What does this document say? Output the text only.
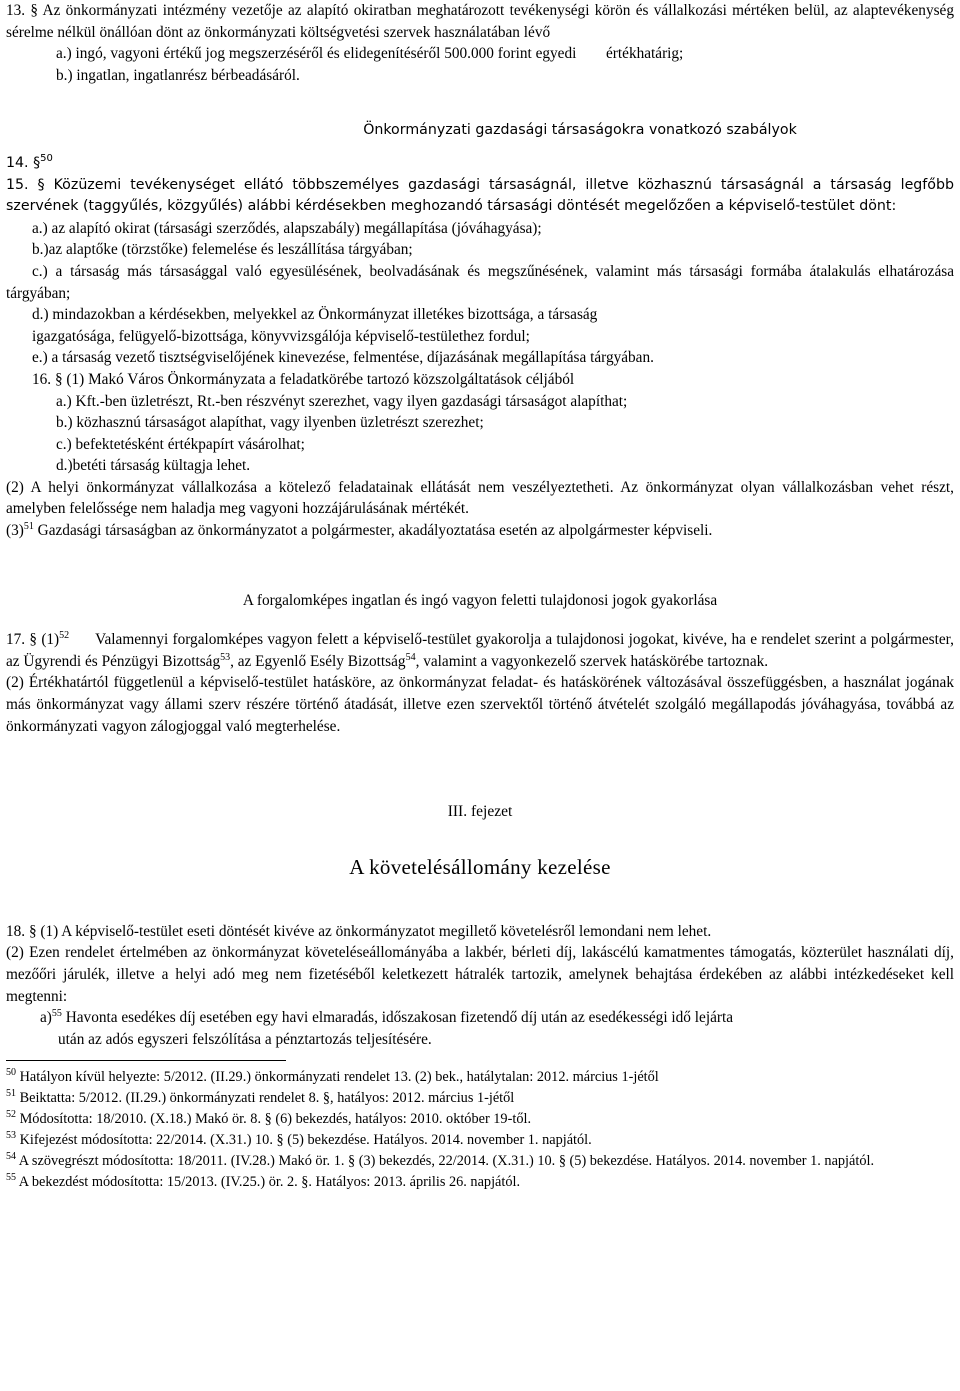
13. § Az önkormányzati intézmény vezetője az alapító okiratban meghatározott tevékenységi körön és vállalkozási mértéken belül, az alaptevékenység sérelme nélkül önállóan dönt az önkormányzati költségvetési szervek használatában lévő

a.) ingó, vagyoni értékű jog megszerzéséről és elidegenítéséről 500.000 forint egyedi értékhatárig;

b.) ingatlan, ingatlanrész bérbeadásáról.

Önkormányzati gazdasági társaságokra vonatkozó szabályok

14. §$^{50}$

15. § Közüzemi tevékenységet ellátó többszemélyes gazdasági társaságnál, illetve közhasznú társaságnál a társaság legfőbb szervének (taggyűlés, közgyűlés) alábbi kérdésekben meghozandó társasági döntését megelőzően a képviselő-testület dönt:

a.) az alapító okirat (társasági szerződés, alapszabály) megállapítása (jóváhagyása);

b.)az alaptőke (törzstőke) felemelése és leszállítása tárgyában;

c.) a társaság más társasággal való egyesülésének, beolvadásának és megszűnésének, valamint más társasági formába átalakulás elhatározása tárgyában;

d.) mindazokban a kérdésekben, melyekkel az Önkormányzat illetékes bizottsága, a társaság

igazgatósága, felügyelő-bizottsága, könyvvizsgálója képviselő-testülethez fordul;

e.) a társaság vezető tisztségviselőjének kinevezése, felmentése, díjazásának megállapítása tárgyában.

16. § (1) Makó Város Önkormányzata a feladatkörébe tartozó közszolgáltatások céljából

a.) Kft.-ben üzletrészt, Rt.-ben részvényt szerezhet, vagy ilyen gazdasági társaságot alapíthat;

b.) közhasznú társaságot alapíthat, vagy ilyenben üzletrészt szerezhet;

c.) befektetésként értékpapírt vásárolhat;

d.)betéti társaság kültagja lehet.

(2) A helyi önkormányzat vállalkozása a kötelező feladatainak ellátását nem veszélyeztetheti. Az önkormányzat olyan vállalkozásban vehet részt, amelyben felelőssége nem haladja meg vagyoni hozzájárulásának mértékét.

$(3)^{51}$ Gazdasági társaságban az önkormányzatot a polgármester, akadályoztatása esetén az alpolgármester képviseli.

A forgalomképes ingatlan és ingó vagyon feletti tulajdonosi jogok gyakorlása

17. § $(1)^{52}$ Valamennyi forgalomképes vagyon felett a képviselő-testület gyakorolja a tulajdonosi jogokat, kivéve, ha e rendelet szerint a polgármester, az Ügyrendi és Pénzügyi Bizottság$^{53}$, az Egyenlő Esély Bizottság$^{54}$, valamint a vagyonkezelő szervek hatáskörébe tartoznak.

(2) Értékhatártól függetlenül a képviselő-testület hatásköre, az önkormányzat feladat- és hatáskörének változásával összefüggésben, a használat jogának más önkormányzat vagy állami szerv részére történő átadását, illetve ezen szervektől történő átvételét szolgáló megállapodás jóváhagyása, továbbá az önkormányzati vagyon zálogjoggal való megterhelése.

III. fejezet

A követelésállomány kezelése

18. § (1) A képviselő-testület eseti döntését kivéve az önkormányzatot megillető követelésről lemondani nem lehet.

(2) Ezen rendelet értelmében az önkormányzat követeléseállományába a lakbér, bérleti díj, lakáscélú kamatmentes támogatás, közterület használati díj, mezőőri járulék, illetve a helyi adó meg nem fizetéséből keletkezett hátralék tartozik, amelynek behajtása érdekében az alábbi intézkedéseket kell megtenni:

a)$^{55}$ Havonta esedékes díj esetében egy havi elmaradás, időszakosan fizetendő díj után az esedékességi idő lejárta

után az adós egyszeri felszólítása a pénztartozás teljesítésére.

$^{50}$ Hatályon kívül helyezte: 5/2012. (II.29.) önkormányzati rendelet 13. (2) bek., hatálytalan: 2012. március 1-jétől

$^{51}$ Beiktatta: 5/2012. (II.29.) önkormányzati rendelet 8. §, hatályos: 2012. március 1-jétől

$^{52}$ Módosította: 18/2010. (X.18.) Makó ör. 8. § (6) bekezdés, hatályos: 2010. október 19-től.

$^{53}$ Kifejezést módosította: 22/2014. (X.31.) 10. § (5) bekezdése. Hatályos. 2014. november 1. napjától.

$^{54}$ A szövegrészt módosította: 18/2011. (IV.28.) Makó ör. 1. § (3) bekezdés, 22/2014. (X.31.) 10. § (5) bekezdése. Hatályos. 2014. november 1. napjától.

$^{55}$ A bekezdést módosította: 15/2013. (IV.25.) ör. 2. §. Hatályos: 2013. április 26. napjától.
